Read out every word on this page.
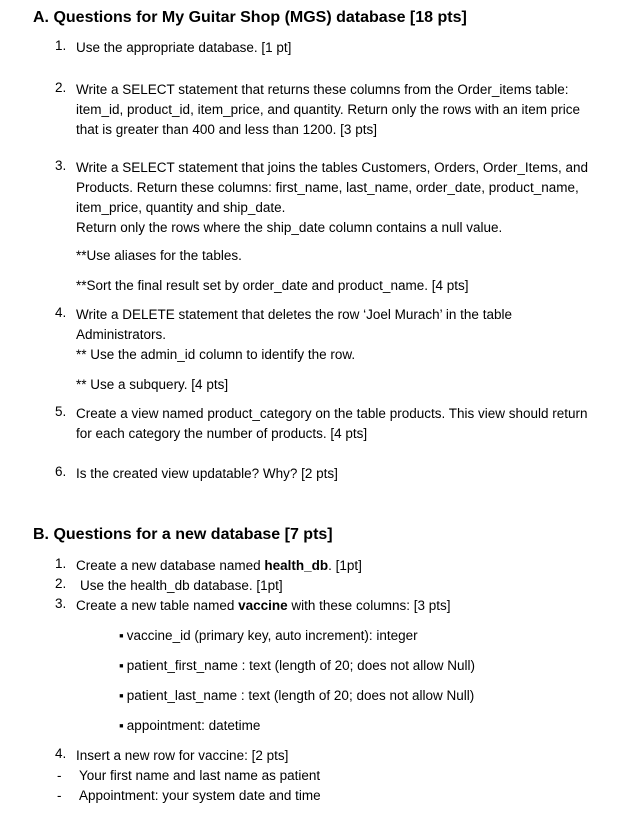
A. Questions for My Guitar Shop (MGS) database [18 pts]
1. Use the appropriate database. [1 pt]
2. Write a SELECT statement that returns these columns from the Order_items table:
item_id, product_id, item_price, and quantity. Return only the rows with an item price
that is greater than 400 and less than 1200. [3 pts]
3. Write a SELECT statement that joins the tables Customers, Orders, Order_Items, and
Products. Return these columns: first_name, last_name, order_date, product_name,
item_price, quantity and ship_date.
Return only the rows where the ship_date column contains a null value.
**Use aliases for the tables.
**Sort the final result set by order_date and product_name. [4 pts]
4. Write a DELETE statement that deletes the row ‘Joel Murach’ in the table
Administrators.
** Use the admin_id column to identify the row.
** Use a subquery. [4 pts]
5. Create a view named product_category on the table products. This view should return
for each category the number of products. [4 pts]
6. Is the created view updatable? Why? [2 pts]
B. Questions for a new database [7 pts]
1. Create a new database named health_db. [1pt]
2. Use the health_db database. [1pt]
3. Create a new table named vaccine with these columns: [3 pts]
▪ vaccine_id (primary key, auto increment): integer
▪ patient_first_name : text (length of 20; does not allow Null)
▪ patient_last_name : text (length of 20; does not allow Null)
▪ appointment: datetime
4. Insert a new row for vaccine: [2 pts]
- Your first name and last name as patient
- Appointment: your system date and time
